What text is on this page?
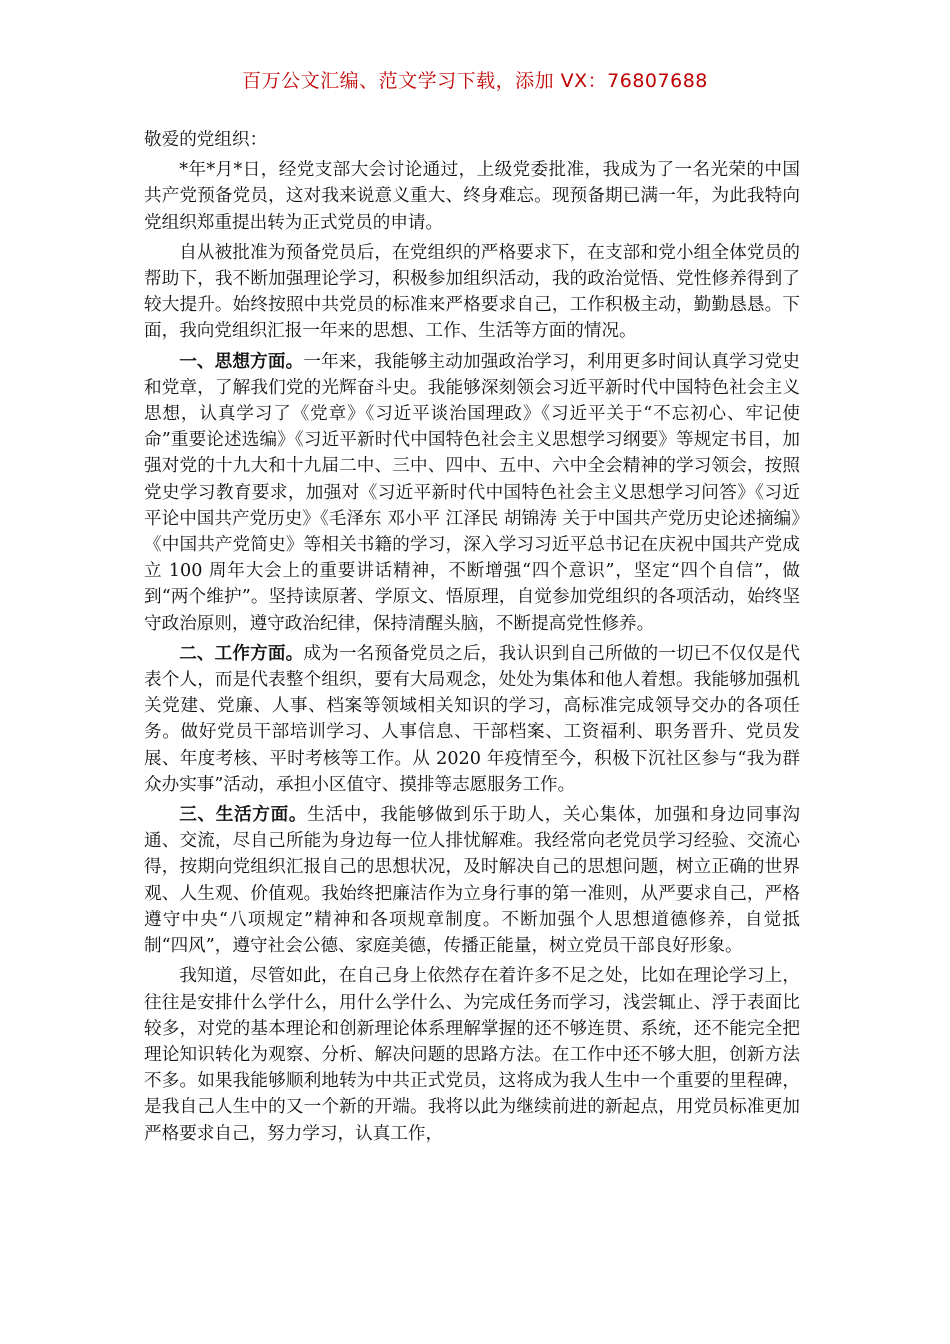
百万公文汇编、范文学习下载，添加 VX：76807688

敬爱的党组织：

*年*月*日，经党支部大会讨论通过，上级党委批准，我成为了一名光荣的中国共产党预备党员，这对我来说意义重大、终身难忘。现预备期已满一年，为此我特向党组织郑重提出转为正式党员的申请。

自从被批准为预备党员后，在党组织的严格要求下，在支部和党小组全体党员的帮助下，我不断加强理论学习，积极参加组织活动，我的政治觉悟、党性修养得到了较大提升。始终按照中共党员的标准来严格要求自己，工作积极主动，勤勤恳恳。下面，我向党组织汇报一年来的思想、工作、生活等方面的情况。

一、思想方面。一年来，我能够主动加强政治学习，利用更多时间认真学习党史和党章，了解我们党的光辉奋斗史。我能够深刻领会习近平新时代中国特色社会主义思想，认真学习了《党章》《习近平谈治国理政》《习近平关于“不忘初心、牢记使命”重要论述选编》《习近平新时代中国特色社会主义思想学习纲要》等规定书目，加强对党的十九大和十九届二中、三中、四中、五中、六中全会精神的学习领会，按照党史学习教育要求，加强对《习近平新时代中国特色社会主义思想学习问答》《习近平论中国共产党历史》《毛泽东 邓小平 江泽民 胡锦涛 关于中国共产党历史论述摘编》《中国共产党简史》等相关书籍的学习，深入学习习近平总书记在庆祝中国共产党成立 100 周年大会上的重要讲话精神，不断增强“四个意识”，坚定“四个自信”，做到“两个维护”。坚持读原著、学原文、悟原理，自觉参加党组织的各项活动，始终坚守政治原则，遵守政治纪律，保持清醒头脑，不断提高党性修养。

二、工作方面。成为一名预备党员之后，我认识到自己所做的一切已不仅仅是代表个人，而是代表整个组织，要有大局观念，处处为集体和他人着想。我能够加强机关党建、党廉、人事、档案等领域相关知识的学习，高标准完成领导交办的各项任务。做好党员干部培训学习、人事信息、干部档案、工资福利、职务晋升、党员发展、年度考核、平时考核等工作。从 2020 年疫情至今，积极下沉社区参与“我为群众办实事”活动，承担小区值守、摸排等志愿服务工作。

三、生活方面。生活中，我能够做到乐于助人，关心集体，加强和身边同事沟通、交流，尽自己所能为身边每一位人排忧解难。我经常向老党员学习经验、交流心得，按期向党组织汇报自己的思想状况，及时解决自己的思想问题，树立正确的世界观、人生观、价值观。我始终把廉洁作为立身行事的第一准则，从严要求自己，严格遵守中央“八项规定”精神和各项规章制度。不断加强个人思想道德修养，自觉抵制“四风”，遵守社会公德、家庭美德，传播正能量，树立党员干部良好形象。

我知道，尽管如此，在自己身上依然存在着许多不足之处，比如在理论学习上，往往是安排什么学什么，用什么学什么、为完成任务而学习，浅尝辄止、浮于表面比较多，对党的基本理论和创新理论体系理解掌握的还不够连贯、系统，还不能完全把理论知识转化为观察、分析、解决问题的思路方法。在工作中还不够大胆，创新方法不多。如果我能够顺利地转为中共正式党员，这将成为我人生中一个重要的里程碑，是我自己人生中的又一个新的开端。我将以此为继续前进的新起点，用党员标准更加严格要求自己，努力学习，认真工作，
